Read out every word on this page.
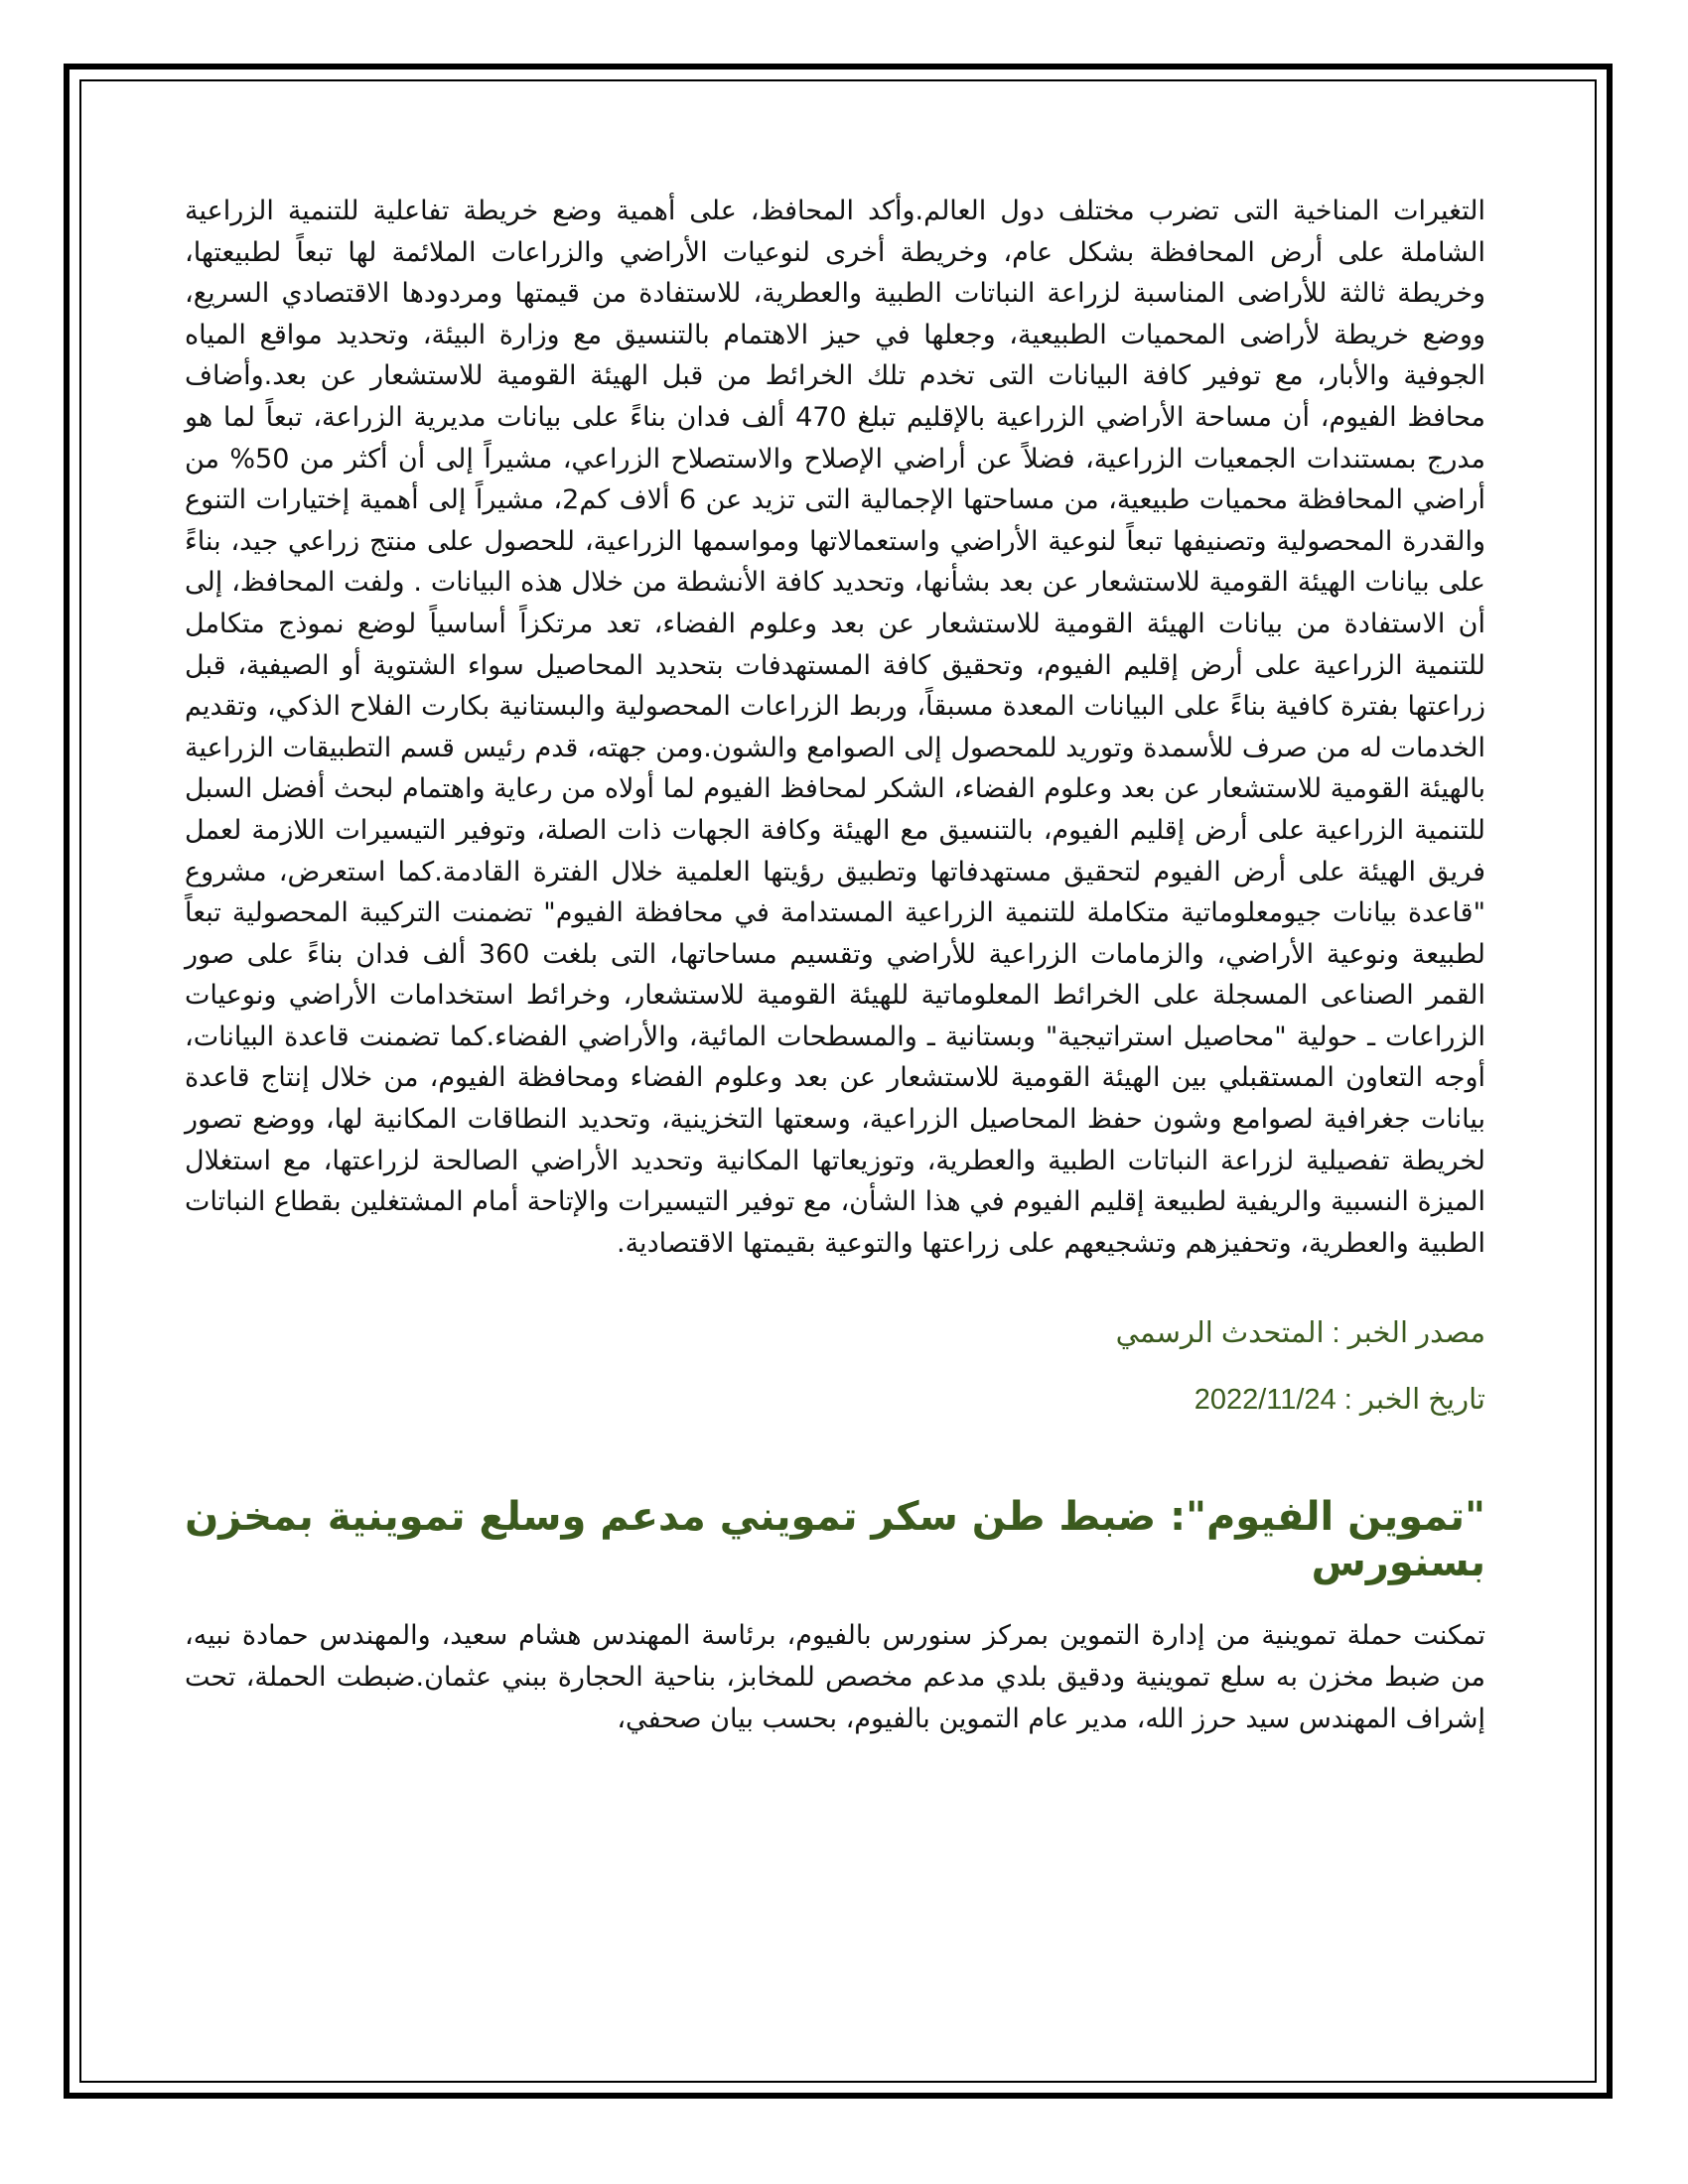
التغيرات المناخية التى تضرب مختلف دول العالم.وأكد المحافظ، على أهمية وضع خريطة تفاعلية للتنمية الزراعية الشاملة على أرض المحافظة بشكل عام، وخريطة أخرى لنوعيات الأراضي والزراعات الملائمة لها تبعاً لطبيعتها، وخريطة ثالثة للأراضى المناسبة لزراعة النباتات الطبية والعطرية، للاستفادة من قيمتها ومردودها الاقتصادي السريع، ووضع خريطة لأراضى المحميات الطبيعية، وجعلها في حيز الاهتمام بالتنسيق مع وزارة البيئة، وتحديد مواقع المياه الجوفية والأبار، مع توفير كافة البيانات التى تخدم تلك الخرائط من قبل الهيئة القومية للاستشعار عن بعد.وأضاف محافظ الفيوم، أن مساحة الأراضي الزراعية بالإقليم تبلغ 470 ألف فدان بناءً على بيانات مديرية الزراعة، تبعاً لما هو مدرج بمستندات الجمعيات الزراعية، فضلاً عن أراضي الإصلاح والاستصلاح الزراعي، مشيراً إلى أن أكثر من 50% من أراضي المحافظة محميات طبيعية، من مساحتها الإجمالية التى تزيد عن 6 ألاف كم2، مشيراً إلى أهمية إختيارات التنوع والقدرة المحصولية وتصنيفها تبعاً لنوعية الأراضي واستعمالاتها ومواسمها الزراعية، للحصول على منتج زراعي جيد، بناءً على بيانات الهيئة القومية للاستشعار عن بعد بشأنها، وتحديد كافة الأنشطة من خلال هذه البيانات . ولفت المحافظ، إلى أن الاستفادة من بيانات الهيئة القومية للاستشعار عن بعد وعلوم الفضاء، تعد مرتكزاً أساسياً لوضع نموذج متكامل للتنمية الزراعية على أرض إقليم الفيوم، وتحقيق كافة المستهدفات بتحديد المحاصيل سواء الشتوية أو الصيفية، قبل زراعتها بفترة كافية بناءً على البيانات المعدة مسبقاً، وربط الزراعات المحصولية والبستانية بكارت الفلاح الذكي، وتقديم الخدمات له من صرف للأسمدة وتوريد للمحصول إلى الصوامع والشون.ومن جهته، قدم رئيس قسم التطبيقات الزراعية بالهيئة القومية للاستشعار عن بعد وعلوم الفضاء، الشكر لمحافظ الفيوم لما أولاه من رعاية واهتمام لبحث أفضل السبل للتنمية الزراعية على أرض إقليم الفيوم، بالتنسيق مع الهيئة وكافة الجهات ذات الصلة، وتوفير التيسيرات اللازمة لعمل فريق الهيئة على أرض الفيوم لتحقيق مستهدفاتها وتطبيق رؤيتها العلمية خلال الفترة القادمة.كما استعرض، مشروع "قاعدة بيانات جيومعلوماتية متكاملة للتنمية الزراعية المستدامة في محافظة الفيوم" تضمنت التركيبة المحصولية تبعاً لطبيعة ونوعية الأراضي، والزمامات الزراعية للأراضي وتقسيم مساحاتها، التى بلغت 360 ألف فدان بناءً على صور القمر الصناعى المسجلة على الخرائط المعلوماتية للهيئة القومية للاستشعار، وخرائط استخدامات الأراضي ونوعيات الزراعات ـ حولية "محاصيل استراتيجية" وبستانية ـ والمسطحات المائية، والأراضي الفضاء.كما تضمنت قاعدة البيانات، أوجه التعاون المستقبلي بين الهيئة القومية للاستشعار عن بعد وعلوم الفضاء ومحافظة الفيوم، من خلال إنتاج قاعدة بيانات جغرافية لصوامع وشون حفظ المحاصيل الزراعية، وسعتها التخزينية، وتحديد النطاقات المكانية لها، ووضع تصور لخريطة تفصيلية لزراعة النباتات الطبية والعطرية، وتوزيعاتها المكانية وتحديد الأراضي الصالحة لزراعتها، مع استغلال الميزة النسبية والريفية لطبيعة إقليم الفيوم في هذا الشأن، مع توفير التيسيرات والإتاحة أمام المشتغلين بقطاع النباتات الطبية والعطرية، وتحفيزهم وتشجيعهم على زراعتها والتوعية بقيمتها الاقتصادية.

مصدر الخبر : المتحدث الرسمي

تاريخ الخبر : 2022/11/24

"تموين الفيوم": ضبط طن سكر تمويني مدعم وسلع تموينية بمخزن بسنورس

تمكنت حملة تموينية من إدارة التموين بمركز سنورس بالفيوم، برئاسة المهندس هشام سعيد، والمهندس حمادة نبيه، من ضبط مخزن به سلع تموينية ودقيق بلدي مدعم مخصص للمخابز، بناحية الحجارة ببني عثمان.ضبطت الحملة، تحت إشراف المهندس سيد حرز الله، مدير عام التموين بالفيوم، بحسب بيان صحفي،
